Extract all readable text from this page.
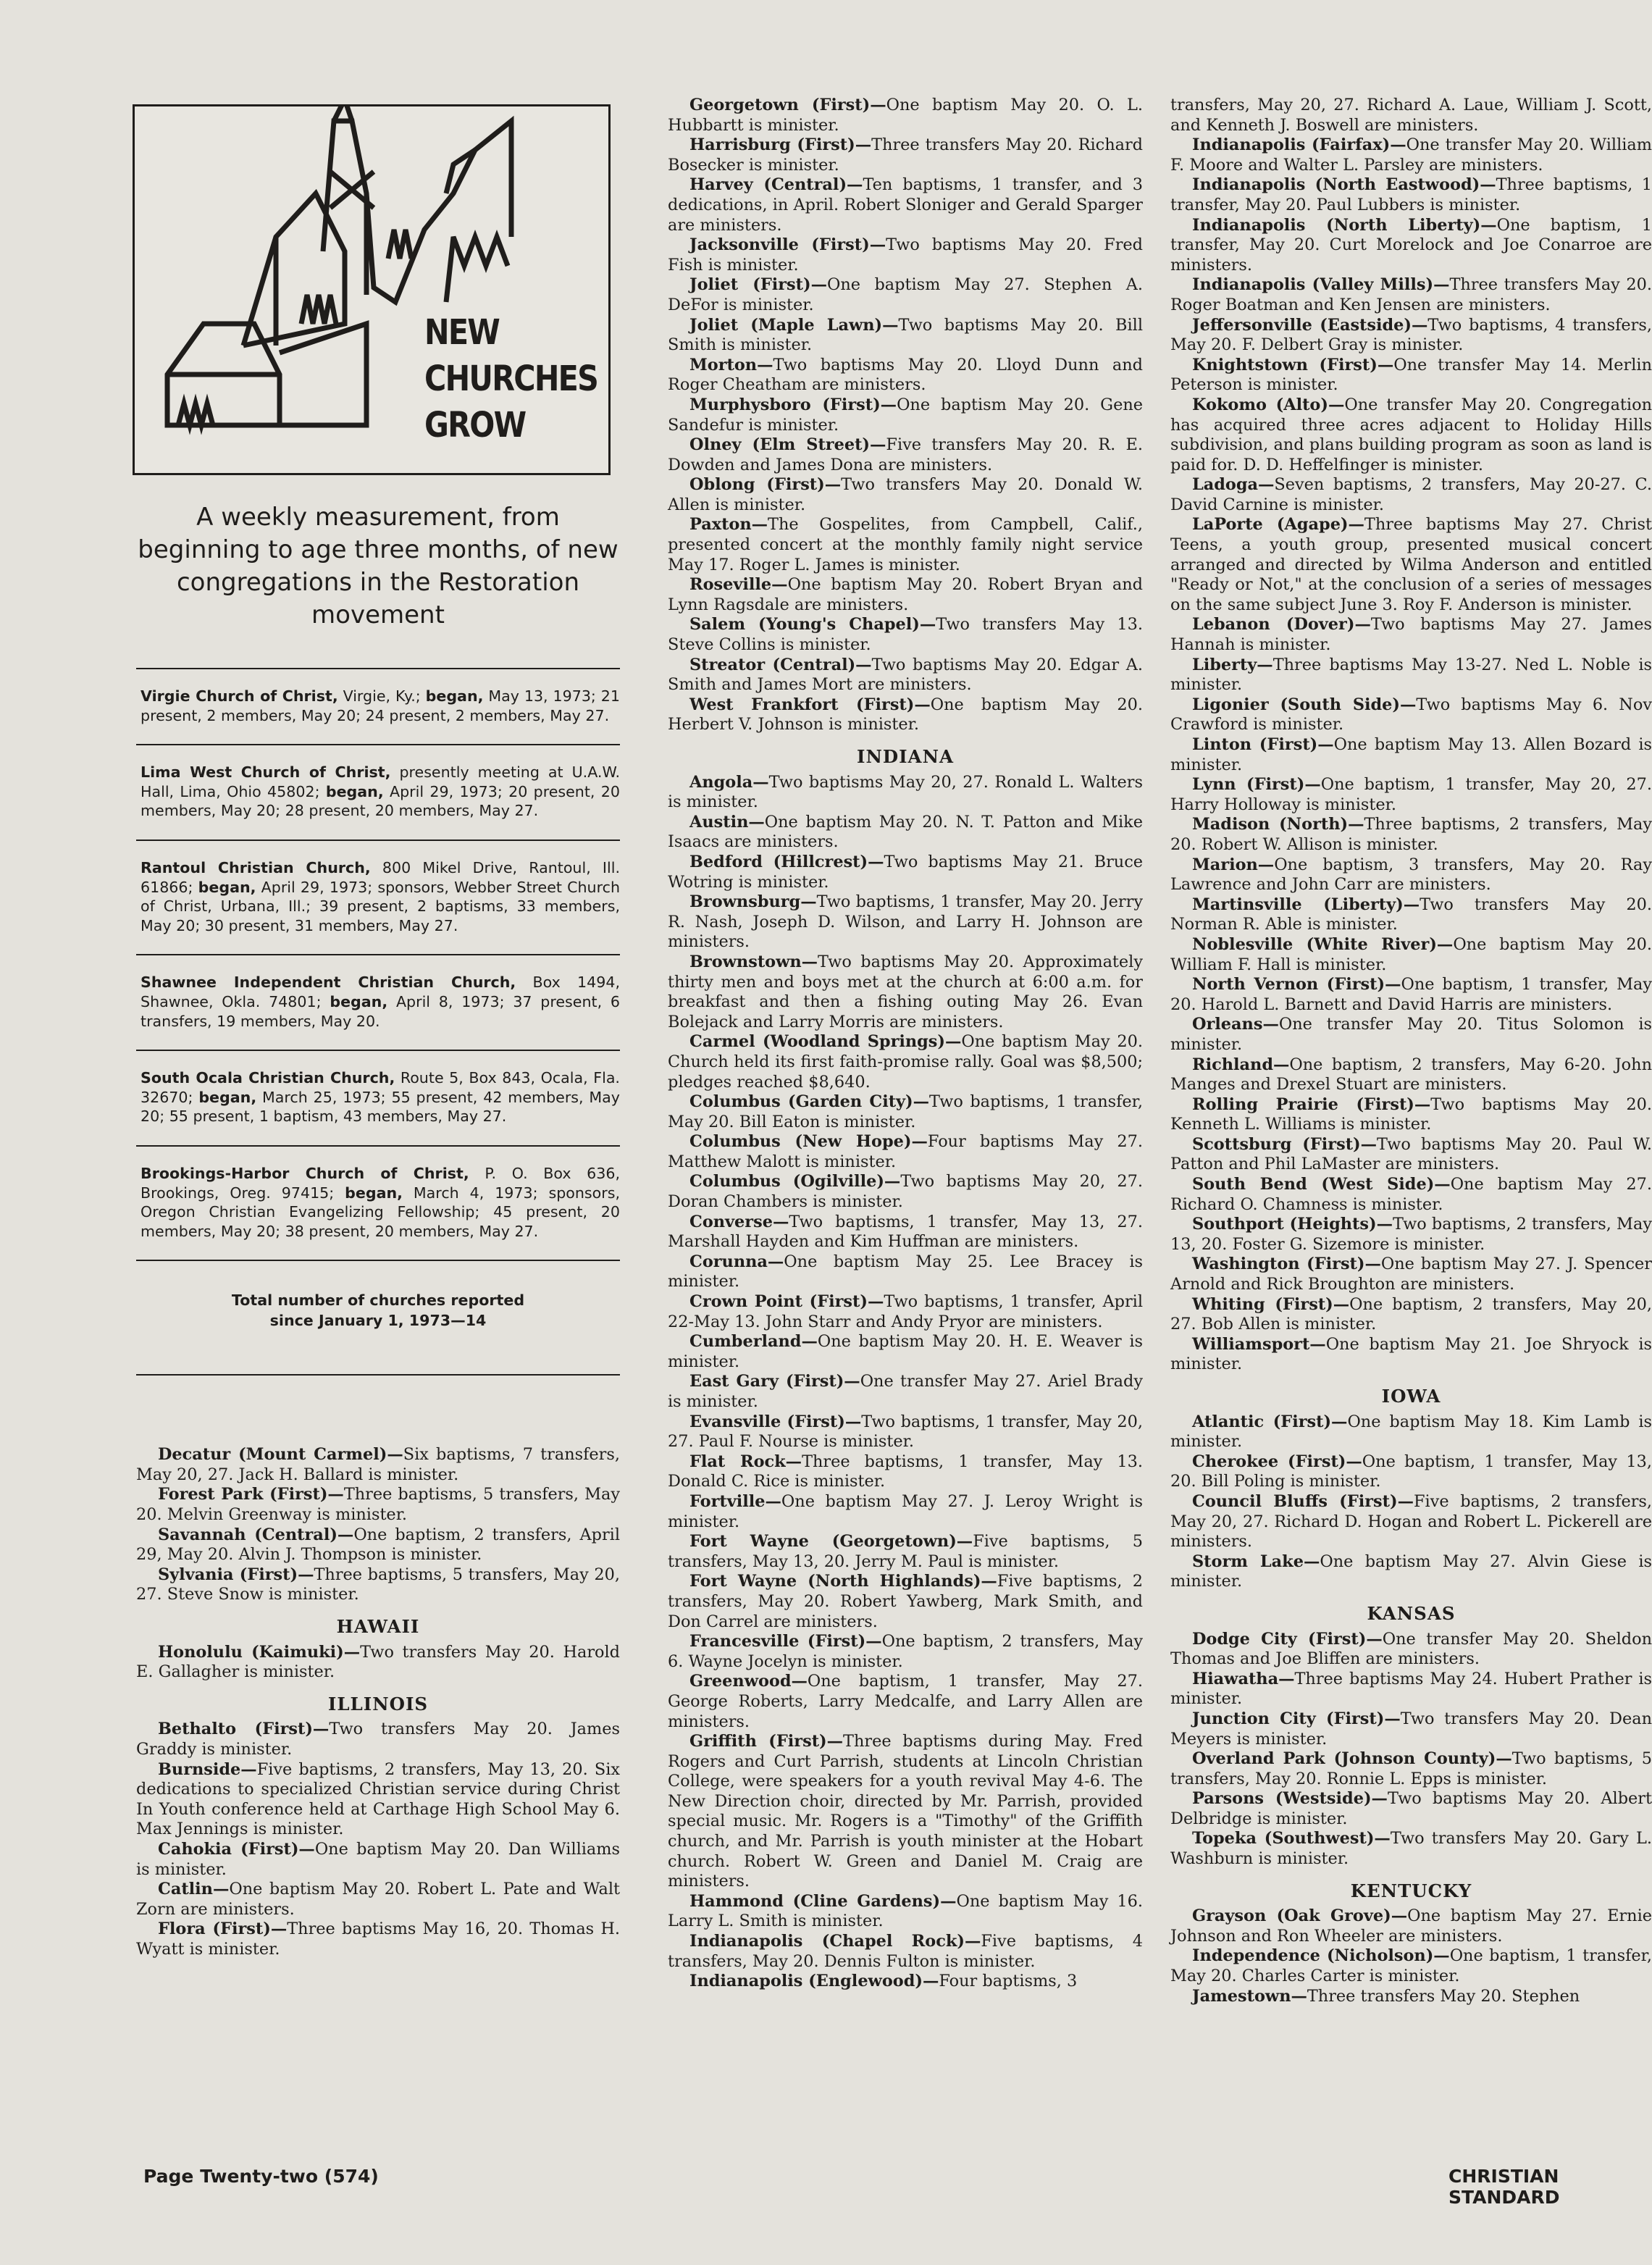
NEW
CHURCHES
GROW
A weekly measurement, from beginning to age three months, of new congregations in the Restoration movement
Virgie Church of Christ, Virgie, Ky.; began, May 13, 1973; 21 present, 2 members, May 20; 24 present, 2 members, May 27.
Lima West Church of Christ, presently meeting at U.A.W. Hall, Lima, Ohio 45802; began, April 29, 1973; 20 present, 20 members, May 20; 28 present, 20 members, May 27.
Rantoul Christian Church, 800 Mikel Drive, Rantoul, Ill. 61866; began, April 29, 1973; sponsors, Webber Street Church of Christ, Urbana, Ill.; 39 present, 2 baptisms, 33 members, May 20; 30 present, 31 members, May 27.
Shawnee Independent Christian Church, Box 1494, Shawnee, Okla. 74801; began, April 8, 1973; 37 present, 6 transfers, 19 members, May 20.
South Ocala Christian Church, Route 5, Box 843, Ocala, Fla. 32670; began, March 25, 1973; 55 present, 42 members, May 20; 55 present, 1 baptism, 43 members, May 27.
Brookings-Harbor Church of Christ, P. O. Box 636, Brookings, Oreg. 97415; began, March 4, 1973; sponsors, Oregon Christian Evangelizing Fellowship; 45 present, 20 members, May 20; 38 present, 20 members, May 27.
Total number of churches reported
since January 1, 1973—14

Decatur (Mount Carmel)—Six baptisms, 7 transfers, May 20, 27. Jack H. Ballard is minister.

Forest Park (First)—Three baptisms, 5 transfers, May 20. Melvin Greenway is minister.

Savannah (Central)—One baptism, 2 transfers, April 29, May 20. Alvin J. Thompson is minister.

Sylvania (First)—Three baptisms, 5 transfers, May 20, 27. Steve Snow is minister.

HAWAII

Honolulu (Kaimuki)—Two transfers May 20. Harold E. Gallagher is minister.

ILLINOIS

Bethalto (First)—Two transfers May 20. James Graddy is minister.

Burnside—Five baptisms, 2 transfers, May 13, 20. Six dedications to specialized Christian service during Christ In Youth conference held at Carthage High School May 6. Max Jennings is minister.

Cahokia (First)—One baptism May 20. Dan Williams is minister.

Catlin—One baptism May 20. Robert L. Pate and Walt Zorn are ministers.

Flora (First)—Three baptisms May 16, 20. Thomas H. Wyatt is minister.

Georgetown (First)—One baptism May 20. O. L. Hubbartt is minister.

Harrisburg (First)—Three transfers May 20. Richard Bosecker is minister.

Harvey (Central)—Ten baptisms, 1 transfer, and 3 dedications, in April. Robert Sloniger and Gerald Sparger are ministers.

Jacksonville (First)—Two baptisms May 20. Fred Fish is minister.

Joliet (First)—One baptism May 27. Stephen A. DeFor is minister.

Joliet (Maple Lawn)—Two baptisms May 20. Bill Smith is minister.

Morton—Two baptisms May 20. Lloyd Dunn and Roger Cheatham are ministers.

Murphysboro (First)—One baptism May 20. Gene Sandefur is minister.

Olney (Elm Street)—Five transfers May 20. R. E. Dowden and James Dona are ministers.

Oblong (First)—Two transfers May 20. Donald W. Allen is minister.

Paxton—The Gospelites, from Campbell, Calif., presented concert at the monthly family night service May 17. Roger L. James is minister.

Roseville—One baptism May 20. Robert Bryan and Lynn Ragsdale are ministers.

Salem (Young's Chapel)—Two transfers May 13. Steve Collins is minister.

Streator (Central)—Two baptisms May 20. Edgar A. Smith and James Mort are ministers.

West Frankfort (First)—One baptism May 20. Herbert V. Johnson is minister.

INDIANA

Angola—Two baptisms May 20, 27. Ronald L. Walters is minister.

Austin—One baptism May 20. N. T. Patton and Mike Isaacs are ministers.

Bedford (Hillcrest)—Two baptisms May 21. Bruce Wotring is minister.

Brownsburg—Two baptisms, 1 transfer, May 20. Jerry R. Nash, Joseph D. Wilson, and Larry H. Johnson are ministers.

Brownstown—Two baptisms May 20. Approximately thirty men and boys met at the church at 6:00 a.m. for breakfast and then a fishing outing May 26. Evan Bolejack and Larry Morris are ministers.

Carmel (Woodland Springs)—One baptism May 20. Church held its first faith-promise rally. Goal was $8,500; pledges reached $8,640.

Columbus (Garden City)—Two baptisms, 1 transfer, May 20. Bill Eaton is minister.

Columbus (New Hope)—Four baptisms May 27. Matthew Malott is minister.

Columbus (Ogilville)—Two baptisms May 20, 27. Doran Chambers is minister.

Converse—Two baptisms, 1 transfer, May 13, 27. Marshall Hayden and Kim Huffman are ministers.

Corunna—One baptism May 25. Lee Bracey is minister.

Crown Point (First)—Two baptisms, 1 transfer, April 22-May 13. John Starr and Andy Pryor are ministers.

Cumberland—One baptism May 20. H. E. Weaver is minister.

East Gary (First)—One transfer May 27. Ariel Brady is minister.

Evansville (First)—Two baptisms, 1 transfer, May 20, 27. Paul F. Nourse is minister.

Flat Rock—Three baptisms, 1 transfer, May 13. Donald C. Rice is minister.

Fortville—One baptism May 27. J. Leroy Wright is minister.

Fort Wayne (Georgetown)—Five baptisms, 5 transfers, May 13, 20. Jerry M. Paul is minister.

Fort Wayne (North Highlands)—Five baptisms, 2 transfers, May 20. Robert Yawberg, Mark Smith, and Don Carrel are ministers.

Francesville (First)—One baptism, 2 transfers, May 6. Wayne Jocelyn is minister.

Greenwood—One baptism, 1 transfer, May 27. George Roberts, Larry Medcalfe, and Larry Allen are ministers.

Griffith (First)—Three baptisms during May. Fred Rogers and Curt Parrish, students at Lincoln Christian College, were speakers for a youth revival May 4-6. The New Direction choir, directed by Mr. Parrish, provided special music. Mr. Rogers is a "Timothy" of the Griffith church, and Mr. Parrish is youth minister at the Hobart church. Robert W. Green and Daniel M. Craig are ministers.

Hammond (Cline Gardens)—One baptism May 16. Larry L. Smith is minister.

Indianapolis (Chapel Rock)—Five baptisms, 4 transfers, May 20. Dennis Fulton is minister.

Indianapolis (Englewood)—Four baptisms, 3

transfers, May 20, 27. Richard A. Laue, William J. Scott, and Kenneth J. Boswell are ministers.

Indianapolis (Fairfax)—One transfer May 20. William F. Moore and Walter L. Parsley are ministers.

Indianapolis (North Eastwood)—Three baptisms, 1 transfer, May 20. Paul Lubbers is minister.

Indianapolis (North Liberty)—One baptism, 1 transfer, May 20. Curt Morelock and Joe Conarroe are ministers.

Indianapolis (Valley Mills)—Three transfers May 20. Roger Boatman and Ken Jensen are ministers.

Jeffersonville (Eastside)—Two baptisms, 4 transfers, May 20. F. Delbert Gray is minister.

Knightstown (First)—One transfer May 14. Merlin Peterson is minister.

Kokomo (Alto)—One transfer May 20. Congregation has acquired three acres adjacent to Holiday Hills subdivision, and plans building program as soon as land is paid for. D. D. Heffelfinger is minister.

Ladoga—Seven baptisms, 2 transfers, May 20-27. C. David Carnine is minister.

LaPorte (Agape)—Three baptisms May 27. Christ Teens, a youth group, presented musical concert arranged and directed by Wilma Anderson and entitled "Ready or Not," at the conclusion of a series of messages on the same subject June 3. Roy F. Anderson is minister.

Lebanon (Dover)—Two baptisms May 27. James Hannah is minister.

Liberty—Three baptisms May 13-27. Ned L. Noble is minister.

Ligonier (South Side)—Two baptisms May 6. Nov Crawford is minister.

Linton (First)—One baptism May 13. Allen Bozard is minister.

Lynn (First)—One baptism, 1 transfer, May 20, 27. Harry Holloway is minister.

Madison (North)—Three baptisms, 2 transfers, May 20. Robert W. Allison is minister.

Marion—One baptism, 3 transfers, May 20. Ray Lawrence and John Carr are ministers.

Martinsville (Liberty)—Two transfers May 20. Norman R. Able is minister.

Noblesville (White River)—One baptism May 20. William F. Hall is minister.

North Vernon (First)—One baptism, 1 transfer, May 20. Harold L. Barnett and David Harris are ministers.

Orleans—One transfer May 20. Titus Solomon is minister.

Richland—One baptism, 2 transfers, May 6-20. John Manges and Drexel Stuart are ministers.

Rolling Prairie (First)—Two baptisms May 20. Kenneth L. Williams is minister.

Scottsburg (First)—Two baptisms May 20. Paul W. Patton and Phil LaMaster are ministers.

South Bend (West Side)—One baptism May 27. Richard O. Chamness is minister.

Southport (Heights)—Two baptisms, 2 transfers, May 13, 20. Foster G. Sizemore is minister.

Washington (First)—One baptism May 27. J. Spencer Arnold and Rick Broughton are ministers.

Whiting (First)—One baptism, 2 transfers, May 20, 27. Bob Allen is minister.

Williamsport—One baptism May 21. Joe Shryock is minister.

IOWA

Atlantic (First)—One baptism May 18. Kim Lamb is minister.

Cherokee (First)—One baptism, 1 transfer, May 13, 20. Bill Poling is minister.

Council Bluffs (First)—Five baptisms, 2 transfers, May 20, 27. Richard D. Hogan and Robert L. Pickerell are ministers.

Storm Lake—One baptism May 27. Alvin Giese is minister.

KANSAS

Dodge City (First)—One transfer May 20. Sheldon Thomas and Joe Bliffen are ministers.

Hiawatha—Three baptisms May 24. Hubert Prather is minister.

Junction City (First)—Two transfers May 20. Dean Meyers is minister.

Overland Park (Johnson County)—Two baptisms, 5 transfers, May 20. Ronnie L. Epps is minister.

Parsons (Westside)—Two baptisms May 20. Albert Delbridge is minister.

Topeka (Southwest)—Two transfers May 20. Gary L. Washburn is minister.

KENTUCKY

Grayson (Oak Grove)—One baptism May 27. Ernie Johnson and Ron Wheeler are ministers.

Independence (Nicholson)—One baptism, 1 transfer, May 20. Charles Carter is minister.

Jamestown—Three transfers May 20. Stephen

Page Twenty-two (574)	CHRISTIAN STANDARD
